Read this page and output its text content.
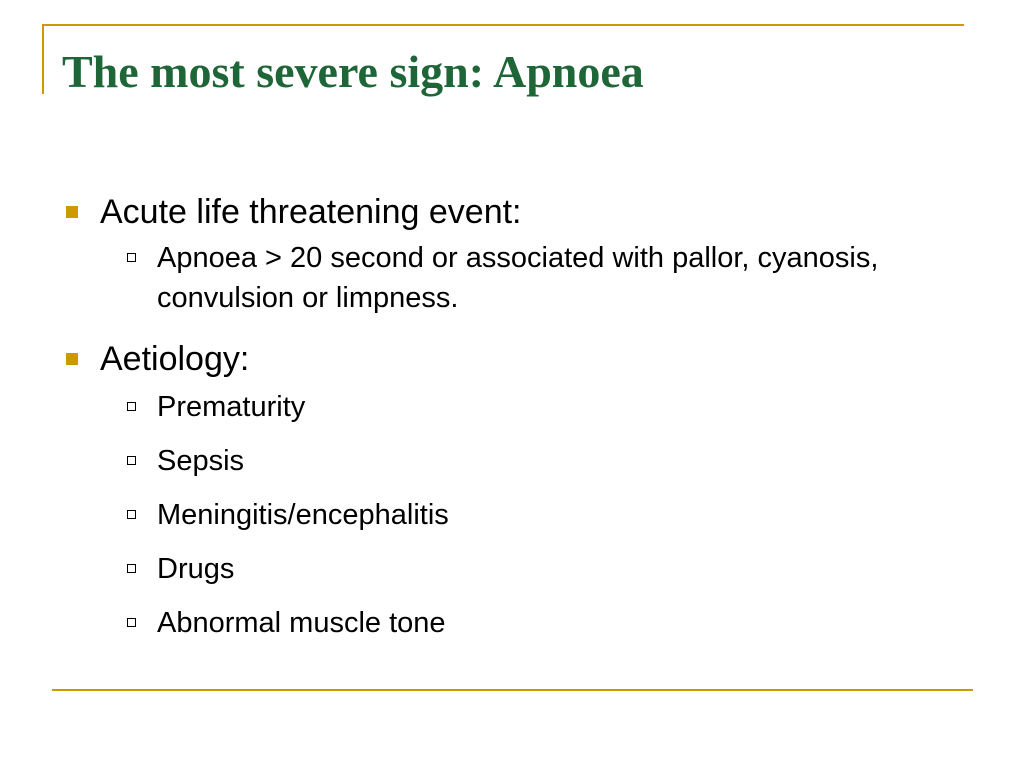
The most severe sign: Apnoea
Acute life threatening event:
Apnoea > 20 second or associated with pallor, cyanosis, convulsion or limpness.
Aetiology:
Prematurity
Sepsis
Meningitis/encephalitis
Drugs
Abnormal muscle tone
